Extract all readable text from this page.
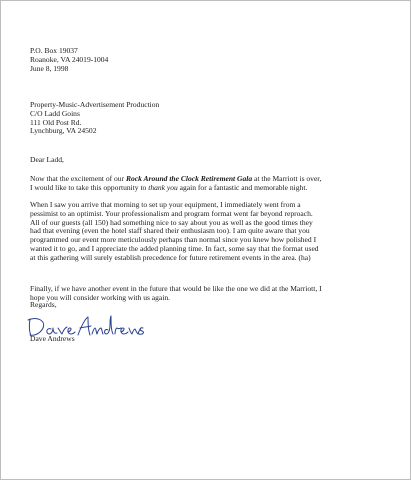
P.O. Box 19037
Roanoke, VA 24019-1004
June 8, 1998
Property-Music-Advertisement Production
C/O Ladd Goins
111 Old Post Rd.
Lynchburg, VA 24502
Dear Ladd,
Now that the excitement of our Rock Around the Clock Retirement Gala at the Marriott is over,
I would like to take this opportunity to thank you again for a fantastic and memorable night.
When I saw you arrive that morning to set up your equipment, I immediately went from a
pessimist to an optimist. Your professionalism and program format went far beyond reproach.
All of our guests (all 150) had something nice to say about you as well as the good times they
had that evening (even the hotel staff shared their enthusiasm too). I am quite aware that you
programmed our event more meticulously perhaps than normal since you knew how polished I
wanted it to go, and I appreciate the added planning time. In fact, some say that the format used
at this gathering will surely establish precedence for future retirement events in the area. (ha)
Finally, if we have another event in the future that would be like the one we did at the Marriott, I
hope you will consider working with us again.
Regards,
Dave Andrews
